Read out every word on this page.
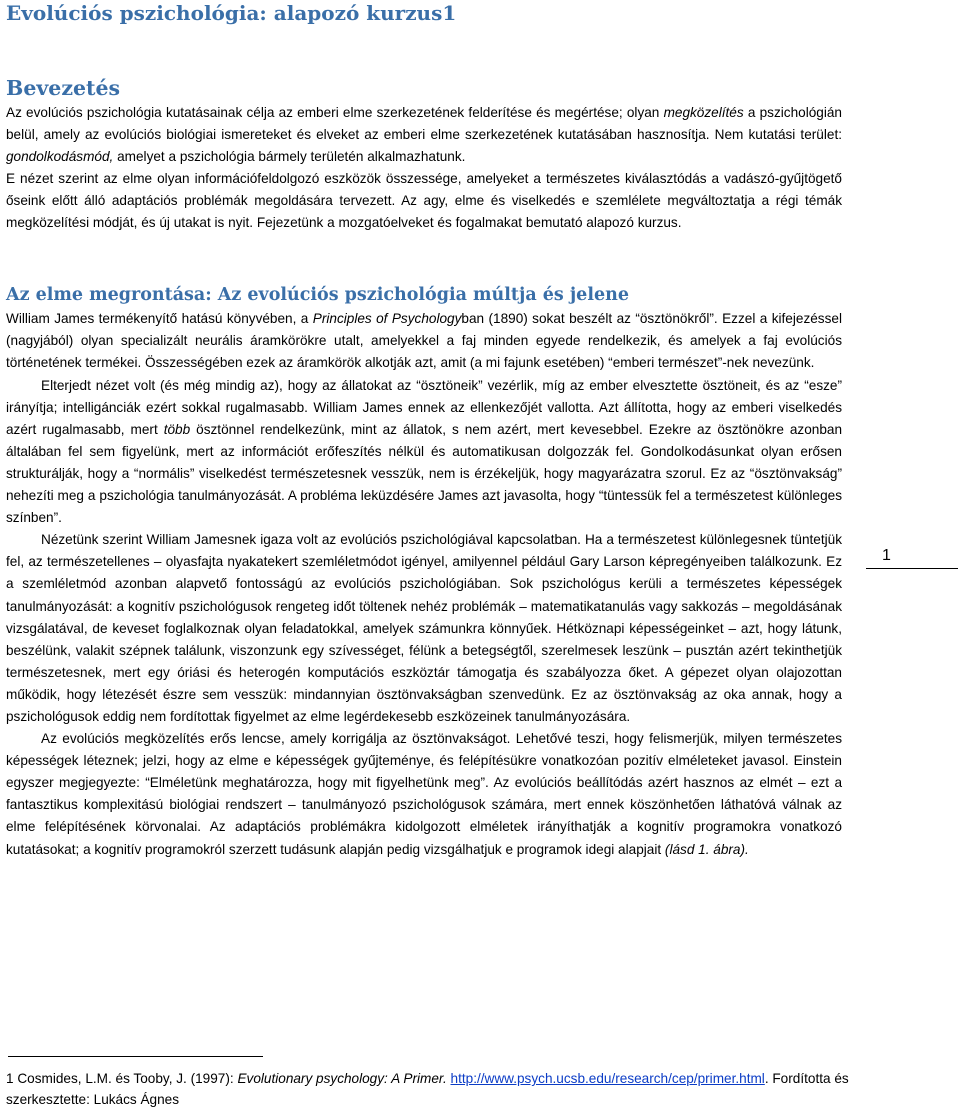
Evolúciós pszichológia: alapozó kurzus1
Bevezetés

Az evolúciós pszichológia kutatásainak célja az emberi elme szerkezetének felderítése és megértése; olyan megközelítés a pszichológián belül, amely az evolúciós biológiai ismereteket és elveket az emberi elme szerkezetének kutatásában hasznosítja. Nem kutatási terület: gondolkodásmód, amelyet a pszichológia bármely területén alkalmazhatunk.

E nézet szerint az elme olyan információfeldolgozó eszközök összessége, amelyeket a természetes kiválasztódás a vadászó-gyűjtögető őseink előtt álló adaptációs problémák megoldására tervezett. Az agy, elme és viselkedés e szemlélete megváltoztatja a régi témák megközelítési módját, és új utakat is nyit. Fejezetünk a mozgatóelveket és fogalmakat bemutató alapozó kurzus.

Az elme megrontása: Az evolúciós pszichológia múltja és jelene

William James termékenyítő hatású könyvében, a Principles of Psychologyban (1890) sokat beszélt az “ösztönökről”. Ezzel a kifejezéssel (nagyjából) olyan specializált neurális áramkörökre utalt, amelyekkel a faj minden egyede rendelkezik, és amelyek a faj evolúciós történetének termékei. Összességében ezek az áramkörök alkotják azt, amit (a mi fajunk esetében) “emberi természet”-nek nevezünk.

Elterjedt nézet volt (és még mindig az), hogy az állatokat az “ösztöneik” vezérlik, míg az ember elvesztette ösztöneit, és az “esze” irányítja; intelligánciák ezért sokkal rugalmasabb. William James ennek az ellenkezőjét vallotta. Azt állította, hogy az emberi viselkedés azért rugalmasabb, mert több ösztönnel rendelkezünk, mint az állatok, s nem azért, mert kevesebbel. Ezekre az ösztönökre azonban általában fel sem figyelünk, mert az információt erőfeszítés nélkül és automatikusan dolgozzák fel. Gondolkodásunkat olyan erősen strukturálják, hogy a “normális” viselkedést természetesnek vesszük, nem is érzékeljük, hogy magyarázatra szorul. Ez az “ösztönvakság” nehezíti meg a pszichológia tanulmányozását. A probléma leküzdésére James azt javasolta, hogy “tüntessük fel a természetest különleges színben”.

Nézetünk szerint William Jamesnek igaza volt az evolúciós pszichológiával kapcsolatban. Ha a természetest különlegesnek tüntetjük fel, az természetellenes – olyasfajta nyakatekert szemléletmódot igényel, amilyennel például Gary Larson képregényeiben találkozunk. Ez a szemléletmód azonban alapvető fontosságú az evolúciós pszichológiában. Sok pszichológus kerüli a természetes képességek tanulmányozását: a kognitív pszichológusok rengeteg időt töltenek nehéz problémák – matematikatanulás vagy sakkozás – megoldásának vizsgálatával, de keveset foglalkoznak olyan feladatokkal, amelyek számunkra könnyűek. Hétköznapi képességeinket – azt, hogy látunk, beszélünk, valakit szépnek találunk, viszonzunk egy szívességet, félünk a betegségtől, szerelmesek leszünk – pusztán azért tekinthetjük természetesnek, mert egy óriási és heterogén komputációs eszköztár támogatja és szabályozza őket. A gépezet olyan olajozottan működik, hogy létezését észre sem vesszük: mindannyian ösztönvakságban szenvedünk. Ez az ösztönvakság az oka annak, hogy a pszichológusok eddig nem fordítottak figyelmet az elme legérdekesebb eszközeinek tanulmányozására.

Az evolúciós megközelítés erős lencse, amely korrigálja az ösztönvakságot. Lehetővé teszi, hogy felismerjük, milyen természetes képességek léteznek; jelzi, hogy az elme e képességek gyűjteménye, és felépítésükre vonatkozóan pozitív elméleteket javasol. Einstein egyszer megjegyezte: “Elméletünk meghatározza, hogy mit figyelhetünk meg”. Az evolúciós beállítódás azért hasznos az elmét – ezt a fantasztikus komplexitású biológiai rendszert – tanulmányozó pszichológusok számára, mert ennek köszönhetően láthatóvá válnak az elme felépítésének körvonalai. Az adaptációs problémákra kidolgozott elméletek irányíthatják a kognitív programokra vonatkozó kutatásokat; a kognitív programokról szerzett tudásunk alapján pedig vizsgálhatjuk e programok idegi alapjait (lásd 1. ábra).

1
1 Cosmides, L.M. és Tooby, J. (1997): Evolutionary psychology: A Primer. http://www.psych.ucsb.edu/research/cep/primer.html. Fordította és szerkesztette: Lukács Ágnes
